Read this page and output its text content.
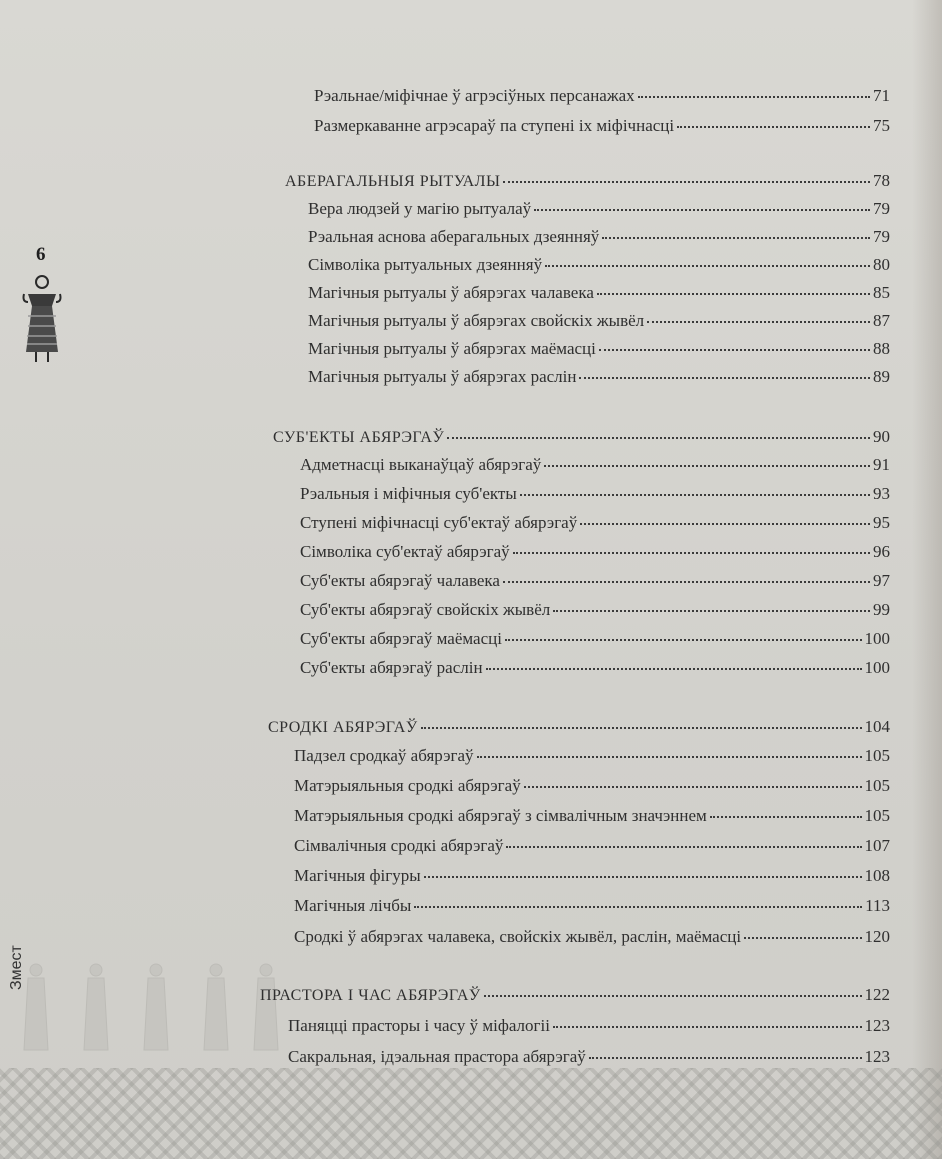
6
Змест
Рэальнае/міфічнае ў агрэсіўных персанажах	71
Размеркаванне агрэсараў па ступені іх міфічнасці	75
АБЕРАГАЛЬНЫЯ РЫТУАЛЫ	78
Вера людзей у магію рытуалаў	79
Рэальная аснова аберагальных дзеянняў	79
Сімволіка рытуальных дзеянняў	80
Магічныя рытуалы ў абярэгах чалавека	85
Магічныя рытуалы ў абярэгах свойскіх жывёл	87
Магічныя рытуалы ў абярэгах маёмасці	88
Магічныя рытуалы ў абярэгах раслін	89
СУБ'ЕКТЫ АБЯРЭГАЎ	90
Адметнасці выканаўцаў абярэгаў	91
Рэальныя і міфічныя суб'екты	93
Ступені міфічнасці суб'ектаў абярэгаў	95
Сімволіка суб'ектаў абярэгаў	96
Суб'екты абярэгаў чалавека	97
Суб'екты абярэгаў свойскіх жывёл	99
Суб'екты абярэгаў маёмасці	100
Суб'екты абярэгаў раслін	100
СРОДКІ АБЯРЭГАЎ	104
Падзел сродкаў абярэгаў	105
Матэрыяльныя сродкі абярэгаў	105
Матэрыяльныя сродкі абярэгаў з сімвалічным значэннем	105
Сімвалічныя сродкі абярэгаў	107
Магічныя фігуры	108
Магічныя лічбы	113
Сродкі ў абярэгах чалавека, свойскіх жывёл, раслін, маёмасці	120
ПРАСТОРА І ЧАС АБЯРЭГАЎ	122
Паняцці прасторы і часу ў міфалогіі	123
Сакральная, ідэальная прастора абярэгаў	123
